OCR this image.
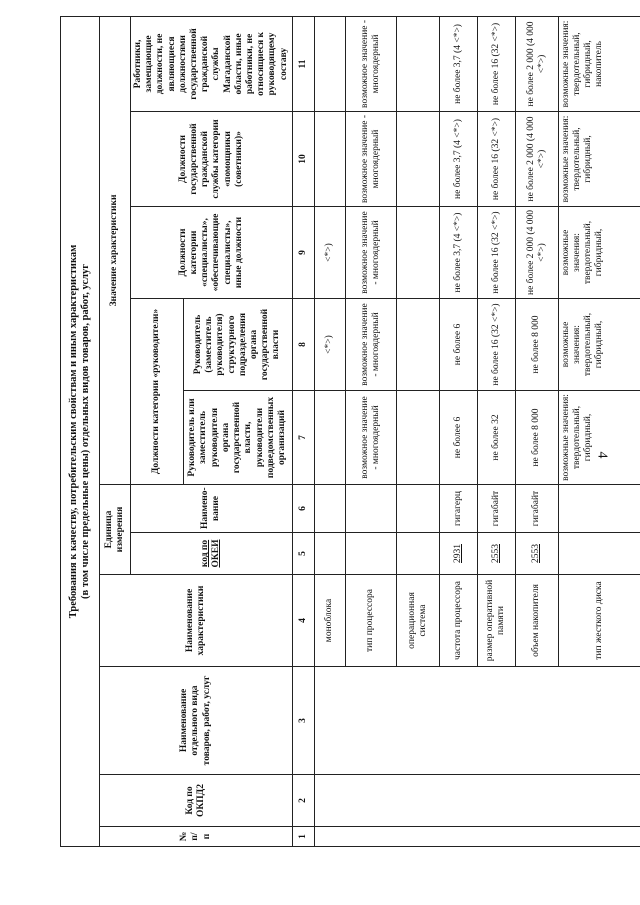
4
Требования к качеству, потребительским свойствам и иным характеристикам (в том числе предельные цены) отдельных видов товаров, работ, услуг										

№ п/п	Код по ОКПД2	Наименование отдельного вида товаров, работ, услуг	Наименование характеристики	Единица измерения		Значение характеристики				
				код по ОКЕИ	Наимено-вание	Должности категории «руководители»		Должности категории «специалисты», «обеспечивающие специалисты», иные должности	Должности государственной гражданской службы категории «помощники (советники)»	Работники, замещающие должности, не являющиеся должностями государственной гражданской службы Магаданской области, иные работники, не относящиеся к руководящему составу
						Руководитель или заместитель руководителя органа государственной власти, руководители подведомственных организаций	Руководитель (заместитель руководителя) структурного подразделения органа государственной власти			
1	2	3	4	5	6	7	8	9	10	11
			моноблока				<*>)	<*>)		
			тип процессора			возможное значение - многоядерный	возможное значение - многоядерный	возможное значение - многоядерный	возможное значение - многоядерный	возможное значение - многоядерный
			операционная система							
			частота процессора	2931	гигагерц	не более 6	не более 6	не более 3,7 (4 <*>)	не более 3,7 (4 <*>)	не более 3,7 (4 <*>)
			размер оперативной памяти	2553	гигабайт	не более 32	не более 16 (32 <*>)	не более 16 (32 <*>)	не более 16 (32 <*>)	не более 16 (32 <*>)
			объем накопителя	2553	гигабайт	не более 8 000	не более 8 000	не более 2 000 (4 000 <*>)	не более 2 000 (4 000 <*>)	не более 2 000 (4 000 <*>)
			тип жесткого диска			возможные значения: твердотельный, гибридный,	возможные значения: твердотельный, гибридный,	возможные значения: твердотельный, гибридный,	возможные значения: твердотельный, гибридный,	возможные значения: твердотельный, гибридный, накопитель
